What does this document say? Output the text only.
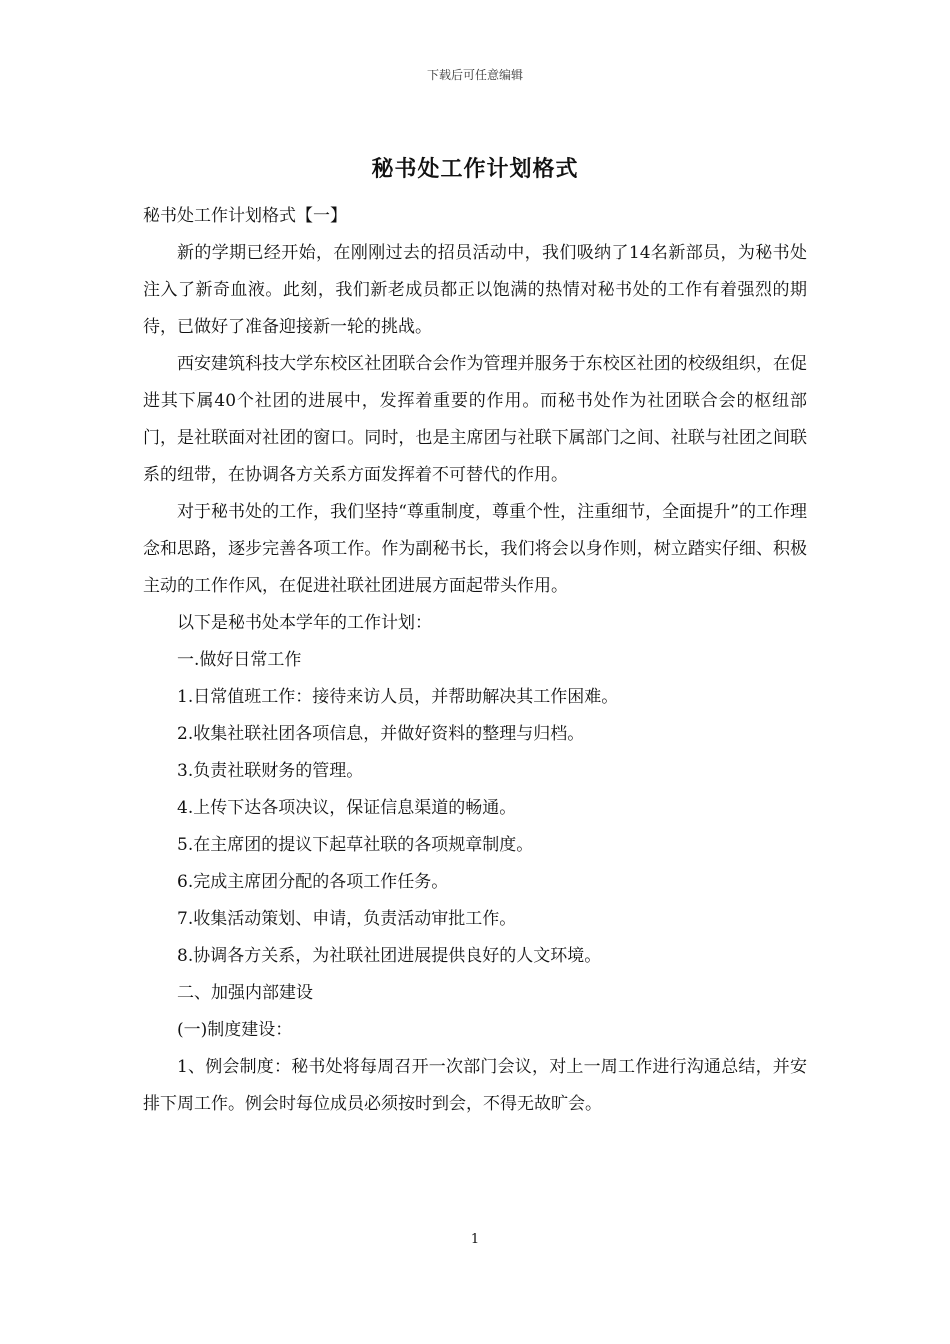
下载后可任意编辑
秘书处工作计划格式

秘书处工作计划格式【一】

新的学期已经开始，在刚刚过去的招员活动中，我们吸纳了14名新部员，为秘书处注入了新奇血液。此刻，我们新老成员都正以饱满的热情对秘书处的工作有着强烈的期待，已做好了准备迎接新一轮的挑战。

西安建筑科技大学东校区社团联合会作为管理并服务于东校区社团的校级组织，在促进其下属40个社团的进展中，发挥着重要的作用。而秘书处作为社团联合会的枢纽部门，是社联面对社团的窗口。同时，也是主席团与社联下属部门之间、社联与社团之间联系的纽带，在协调各方关系方面发挥着不可替代的作用。

对于秘书处的工作，我们坚持“尊重制度，尊重个性，注重细节，全面提升”的工作理念和思路，逐步完善各项工作。作为副秘书长，我们将会以身作则，树立踏实仔细、积极主动的工作作风，在促进社联社团进展方面起带头作用。

以下是秘书处本学年的工作计划：

一.做好日常工作

1.日常值班工作：接待来访人员，并帮助解决其工作困难。

2.收集社联社团各项信息，并做好资料的整理与归档。

3.负责社联财务的管理。

4.上传下达各项决议，保证信息渠道的畅通。

5.在主席团的提议下起草社联的各项规章制度。

6.完成主席团分配的各项工作任务。

7.收集活动策划、申请，负责活动审批工作。

8.协调各方关系，为社联社团进展提供良好的人文环境。

二、加强内部建设

(一)制度建设：

1、例会制度：秘书处将每周召开一次部门会议，对上一周工作进行沟通总结，并安排下周工作。例会时每位成员必须按时到会，不得无故旷会。

1
